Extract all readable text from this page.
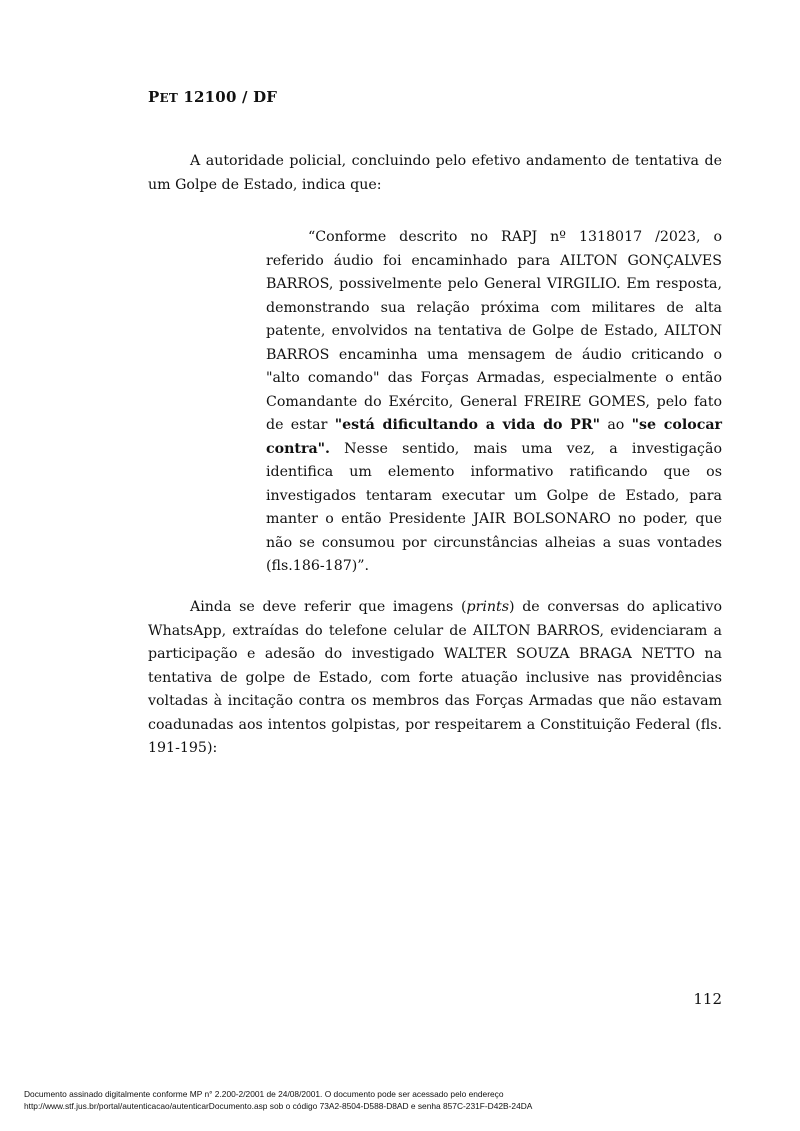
PET 12100 / DF
A autoridade policial, concluindo pelo efetivo andamento de tentativa de um Golpe de Estado, indica que:
“Conforme descrito no RAPJ nº 1318017 /2023, o referido áudio foi encaminhado para AILTON GONÇALVES BARROS, possivelmente pelo General VIRGILIO. Em resposta, demonstrando sua relação próxima com militares de alta patente, envolvidos na tentativa de Golpe de Estado, AILTON BARROS encaminha uma mensagem de áudio criticando o "alto comando" das Forças Armadas, especialmente o então Comandante do Exército, General FREIRE GOMES, pelo fato de estar "está dificultando a vida do PR" ao "se colocar contra". Nesse sentido, mais uma vez, a investigação identifica um elemento informativo ratificando que os investigados tentaram executar um Golpe de Estado, para manter o então Presidente JAIR BOLSONARO no poder, que não se consumou por circunstâncias alheias a suas vontades (fls.186-187)”.
Ainda se deve referir que imagens (prints) de conversas do aplicativo WhatsApp, extraídas do telefone celular de AILTON BARROS, evidenciaram a participação e adesão do investigado WALTER SOUZA BRAGA NETTO na tentativa de golpe de Estado, com forte atuação inclusive nas providências voltadas à incitação contra os membros das Forças Armadas que não estavam coadunadas aos intentos golpistas, por respeitarem a Constituição Federal (fls. 191-195):
112
Documento assinado digitalmente conforme MP n° 2.200-2/2001 de 24/08/2001. O documento pode ser acessado pelo endereço
http://www.stf.jus.br/portal/autenticacao/autenticarDocumento.asp sob o código 73A2-8504-D588-D8AD e senha 857C-231F-D42B-24DA
